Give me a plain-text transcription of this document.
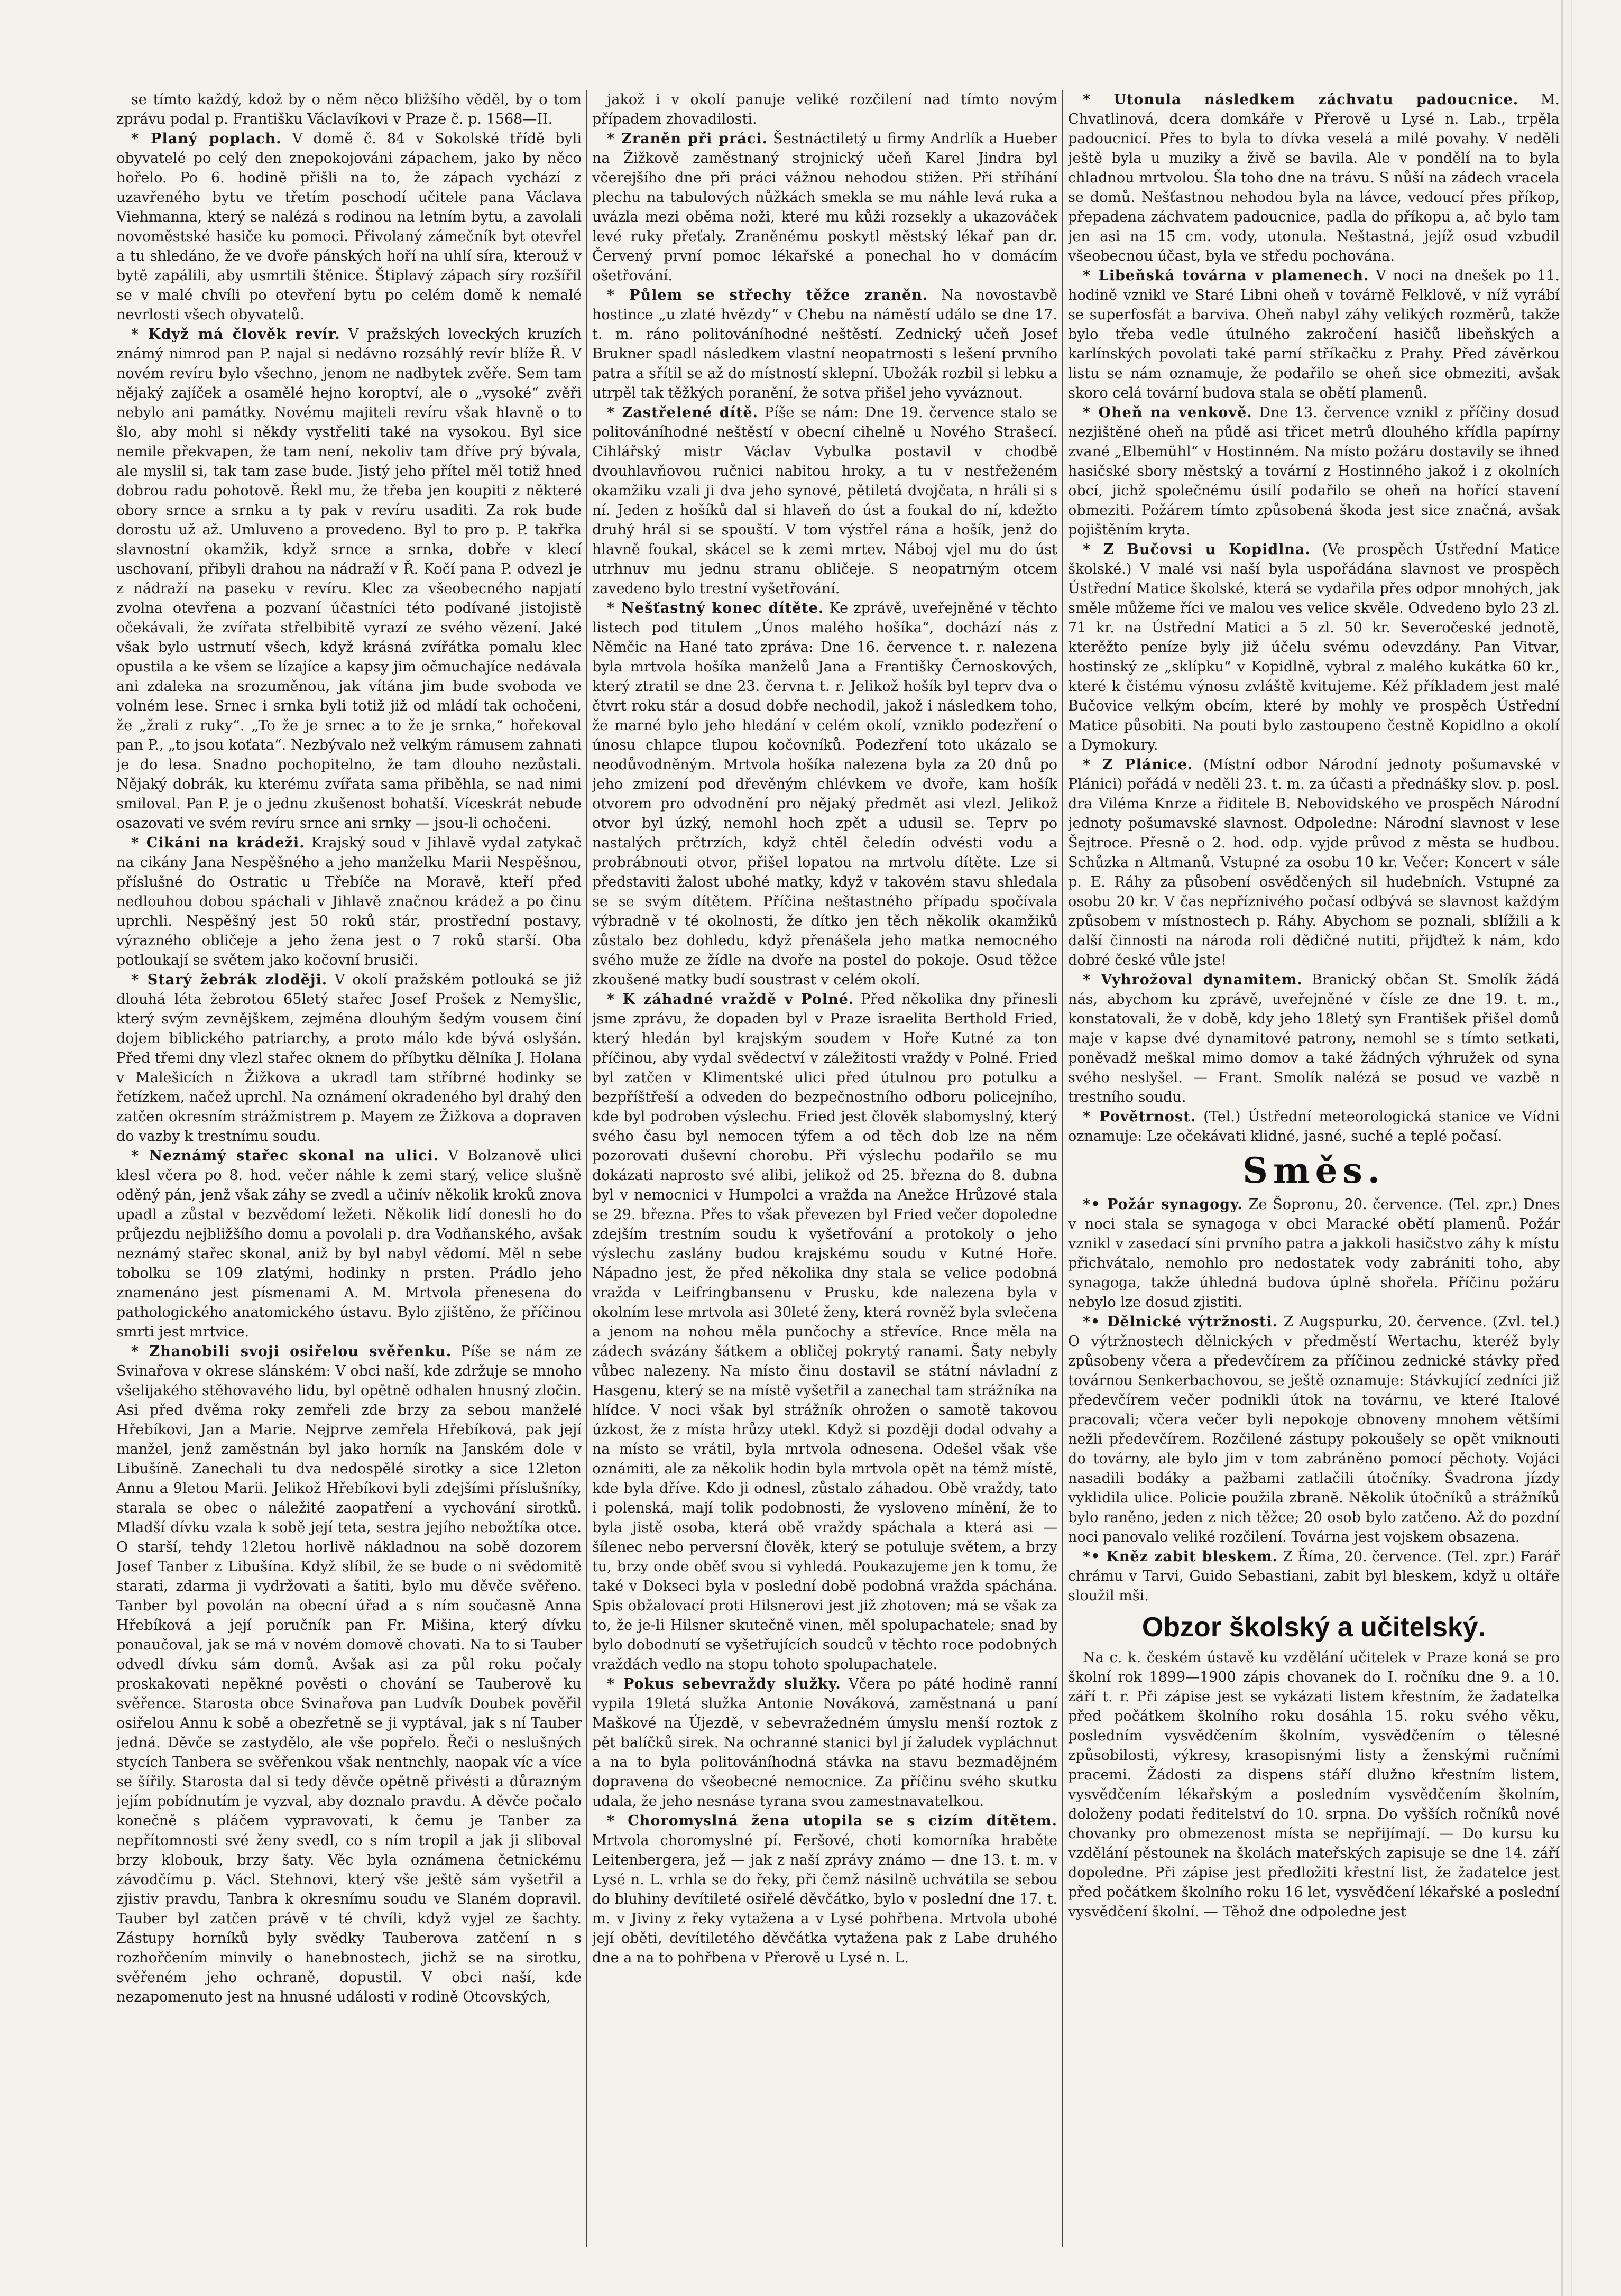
se tímto každý, kdož by o něm něco bližšího věděl, by o tom zprávu podal p. Františku Václavíkovi v Praze č. p. 1568—II.

* Planý poplach. V domě č. 84 v Sokolské třídě byli obyvatelé po celý den znepokojováni zápachem, jako by něco hořelo. Po 6. hodině přišli na to, že zápach vychází z uzavřeného bytu ve třetím poschodí učitele pana Václava Viehmanna, který se nalézá s rodinou na letním bytu, a zavolali novoměstské hasiče ku pomoci. Přivolaný zámečník byt otevřel a tu shledáno, že ve dvoře pánských hoří na uhlí síra, kterouž v bytě zapálili, aby usmrtili štěnice. Štiplavý zápach síry rozšířil se v malé chvíli po otevření bytu po celém domě k nemalé nevrlosti všech obyvatelů.

* Když má člověk revír. V pražských loveckých kruzích známý nimrod pan P. najal si nedávno rozsáhlý revír blíže Ř. V novém revíru bylo všechno, jenom ne nadbytek zvěře. Sem tam nějaký zajíček a osamělé hejno koroptví, ale o „vysoké“ zvěři nebylo ani památky. Novému majiteli revíru však hlavně o to šlo, aby mohl si někdy vystřeliti také na vysokou. Byl sice nemile překvapen, že tam není, nekoliv tam dříve prý bývala, ale myslil si, tak tam zase bude. Jistý jeho přítel měl totiž hned dobrou radu pohotově. Řekl mu, že třeba jen koupiti z některé obory srnce a srnku a ty pak v revíru usaditi. Za rok bude dorostu už až. Umluveno a provedeno. Byl to pro p. P. takřka slavnostní okamžik, když srnce a srnka, dobře v klecí uschovaní, přibyli drahou na nádraží v Ř. Kočí pana P. odvezl je z nádraží na paseku v revíru. Klec za všeobecného napjatí zvolna otevřena a pozvaní účastníci této podívané jistojistě očekávali, že zvířata střelbibitě vyrazí ze svého vězení. Jaké však bylo ustrnutí všech, když krásná zvířátka pomalu klec opustila a ke všem se lízajíce a kapsy jim očmuchajíce nedávala ani zdaleka na srozuměnou, jak vítána jim bude svoboda ve volném lese. Srnec i srnka byli totiž již od mládí tak ochočeni, že „žrali z ruky“. „To že je srnec a to že je srnka,“ hořekoval pan P., „to jsou koťata“. Nezbývalo než velkým rámusem zahnati je do lesa. Snadno pochopitelno, že tam dlouho nezůstali. Nějaký dobrák, ku kterému zvířata sama přiběhla, se nad nimi smiloval. Pan P. je o jednu zkušenost bohatší. Víceskrát nebude osazovati ve svém revíru srnce ani srnky — jsou-li ochočeni.

* Cikáni na krádeži. Krajský soud v Jihlavě vydal zatykač na cikány Jana Nespěšného a jeho manželku Marii Nespěšnou, příslušné do Ostratic u Třebíče na Moravě, kteří před nedlouhou dobou spáchali v Jihlavě značnou krádež a po činu uprchli. Nespěšný jest 50 roků stár, prostřední postavy, výrazného obličeje a jeho žena jest o 7 roků starší. Oba potloukají se světem jako kočovní brusiči.

* Starý žebrák zloději. V okolí pražském potlouká se již dlouhá léta žebrotou 65letý stařec Josef Prošek z Nemyšlic, který svým zevnějškem, zejména dlouhým šedým vousem činí dojem biblického patriarchy, a proto málo kde bývá oslyšán. Před třemi dny vlezl stařec oknem do příbytku dělníka J. Holana v Malešicích n Žižkova a ukradl tam stříbrné hodinky se řetízkem, načež uprchl. Na oznámení okradeného byl drahý den zatčen okresním strážmistrem p. Mayem ze Žižkova a dopraven do vazby k trestnímu soudu.

* Neznámý stařec skonal na ulici. V Bolzanově ulici klesl včera po 8. hod. večer náhle k zemi starý, velice slušně oděný pán, jenž však záhy se zvedl a učinív několik kroků znova upadl a zůstal v bezvědomí ležeti. Několik lidí donesli ho do průjezdu nejbližšího domu a povolali p. dra Vodňanského, avšak neznámý stařec skonal, aniž by byl nabyl vědomí. Měl n sebe tobolku se 109 zlatými, hodinky n prsten. Prádlo jeho znamenáno jest písmenami A. M. Mrtvola přenesena do pathologického anatomického ústavu. Bylo zjištěno, že příčinou smrti jest mrtvice.

* Zhanobili svoji osiřelou svěřenku. Píše se nám ze Svinařova v okrese slánském: V obci naší, kde zdržuje se mnoho všelijakého stěhovavého lidu, byl opětně odhalen hnusný zločin. Asi před dvěma roky zemřeli zde brzy za sebou manželé Hřebíkovi, Jan a Marie. Nejprve zemřela Hřebíková, pak její manžel, jenž zaměstnán byl jako horník na Janském dole v Libušíně. Zanechali tu dva nedospělé sirotky a sice 12leton Annu a 9letou Marii. Jelikož Hřebíkovi byli zdejšími příslušníky, starala se obec o náležité zaopatření a vychování sirotků. Mladší dívku vzala k sobě její teta, sestra jejího nebožtíka otce. O starší, tehdy 12letou horlivě nákladnou na sobě dozorem Josef Tanber z Libušína. Když slíbil, že se bude o ni svědomitě starati, zdarma ji vydržovati a šatiti, bylo mu děvče svěřeno. Tanber byl povolán na obecní úřad a s ním současně Anna Hřebíková a její poručník pan Fr. Mišina, který dívku ponaučoval, jak se má v novém domově chovati. Na to si Tauber odvedl dívku sám domů. Avšak asi za půl roku počaly proskakovati nepěkné pověsti o chování se Tauberově ku svěřence. Starosta obce Svinařova pan Ludvík Doubek pověřil osiřelou Annu k sobě a obezřetně se ji vyptával, jak s ní Tauber jedná. Děvče se zastydělo, ale vše popřelo. Řeči o neslušných stycích Tanbera se svěřenkou však nentnchly, naopak víc a více se šířily. Starosta dal si tedy děvče opětně přivésti a důrazným jejím pobídnutím je vyzval, aby doznalo pravdu. A děvče počalo konečně s pláčem vypravovati, k čemu je Tanber za nepřítomnosti své ženy svedl, co s ním tropil a jak ji sliboval brzy klobouk, brzy šaty. Věc byla oznámena četnickému závodčímu p. Václ. Stehnovi, který vše ještě sám vyšetřil a zjistiv pravdu, Tanbra k okresnímu soudu ve Slaném dopravil. Tauber byl zatčen právě v té chvíli, když vyjel ze šachty. Zástupy horníků byly svědky Tauberova zatčení n s rozhořčením minvily o hanebnostech, jichž se na sirotku, svěřeném jeho ochraně, dopustil. V obci naší, kde nezapomenuto jest na hnusné události v rodině Otcovských,

jakož i v okolí panuje veliké rozčilení nad tímto novým případem zhovadilosti.

* Zraněn při práci. Šestnáctiletý u firmy Andrlík a Hueber na Žižkově zaměstnaný strojnický učeň Karel Jindra byl včerejšího dne při práci vážnou nehodou stižen. Při stříhání plechu na tabulových nůžkách smekla se mu náhle levá ruka a uvázla mezi oběma noži, které mu kůži rozsekly a ukazováček levé ruky přeťaly. Zraněnému poskytl městský lékař pan dr. Červený první pomoc lékařské a ponechal ho v domácím ošetřování.

* Půlem se střechy těžce zraněn. Na novostavbě hostince „u zlaté hvězdy“ v Chebu na náměstí událo se dne 17. t. m. ráno politováníhodné neštěstí. Zednický učeň Josef Brukner spadl následkem vlastní neopatrnosti s lešení prvního patra a sřítil se až do místností sklepní. Ubožák rozbil si lebku a utrpěl tak těžkých poranění, že sotva přišel jeho vyváznout.

* Zastřelené dítě. Píše se nám: Dne 19. července stalo se politováníhodné neštěstí v obecní cihelně u Nového Strašecí. Cihlářský mistr Václav Vybulka postavil v chodbě dvouhlavňovou ručnici nabitou hroky, a tu v nestřeženém okamžiku vzali ji dva jeho synové, pětiletá dvojčata, n hráli si s ní. Jeden z hošíků dal si hlaveň do úst a foukal do ní, kdežto druhý hrál si se spouští. V tom výstřel rána a hošík, jenž do hlavně foukal, skácel se k zemi mrtev. Náboj vjel mu do úst utrhnuv mu jednu stranu obličeje. S neopatrným otcem zavedeno bylo trestní vyšetřování.

* Nešťastný konec dítěte. Ke zprávě, uveřejněné v těchto listech pod titulem „Únos malého hošíka“, dochází nás z Němčic na Hané tato zpráva: Dne 16. července t. r. nalezena byla mrtvola hošíka manželů Jana a Františky Černoskových, který ztratil se dne 23. června t. r. Jelikož hošík byl teprv dva o čtvrt roku stár a dosud dobře nechodil, jakož i následkem toho, že marné bylo jeho hledání v celém okolí, vzniklo podezření o únosu chlapce tlupou kočovníků. Podezření toto ukázalo se neodůvodněným. Mrtvola hošíka nalezena byla za 20 dnů po jeho zmizení pod dřevěným chlévkem ve dvoře, kam hošík otvorem pro odvodnění pro nějaký předmět asi vlezl. Jelikož otvor byl úzký, nemohl hoch zpět a udusil se. Teprv po nastalých prčtrzích, když chtěl čeledín odvésti vodu a probrábnouti otvor, přišel lopatou na mrtvolu dítěte. Lze si představiti žalost ubohé matky, když v takovém stavu shledala se se svým dítětem. Příčina neštastného případu spočívala výbradně v té okolnosti, že dítko jen těch několik okamžiků zůstalo bez dohledu, když přenášela jeho matka nemocného svého muže ze žídle na dvoře na postel do pokoje. Osud těžce zkoušené matky budí soustrast v celém okolí.

* K záhadné vraždě v Polné. Před několika dny přinesli jsme zprávu, že dopaden byl v Praze israelita Berthold Fried, který hledán byl krajským soudem v Hoře Kutné za ton příčinou, aby vydal svědectví v záležitosti vraždy v Polné. Fried byl zatčen v Klimentské ulici před útulnou pro potulku a bezpříštřeší a odveden do bezpečnostního odboru policejního, kde byl podroben výslechu. Fried jest člověk slabomyslný, který svého času byl nemocen týfem a od těch dob lze na něm pozorovati duševní chorobu. Při výslechu podařilo se mu dokázati naprosto své alibi, jelikož od 25. března do 8. dubna byl v nemocnici v Humpolci a vražda na Anežce Hrůzové stala se 29. března. Přes to však převezen byl Fried večer dopoledne zdejším trestním soudu k vyšetřování a protokoly o jeho výslechu zaslány budou krajskému soudu v Kutné Hoře. Nápadno jest, že před několika dny stala se velice podobná vražda v Leifringbansenu v Prusku, kde nalezena byla v okolním lese mrtvola asi 30leté ženy, která rovněž byla svlečena a jenom na nohou měla punčochy a střevíce. Rnce měla na zádech svázány šátkem a obličej pokrytý ranami. Šaty nebyly vůbec nalezeny. Na místo činu dostavil se státní návladní z Hasgenu, který se na místě vyšetřil a zanechal tam strážníka na hlídce. V noci však byl strážník ohrožen o samotě takovou úzkost, že z místa hrůzy utekl. Když si později dodal odvahy a na místo se vrátil, byla mrtvola odnesena. Odešel však vše oznámiti, ale za několik hodin byla mrtvola opět na témž místě, kde byla dříve. Kdo ji odnesl, zůstalo záhadou. Obě vraždy, tato i polenská, mají tolik podobnosti, že vysloveno mínění, že to byla jistě osoba, která obě vraždy spáchala a která asi — šílenec nebo perversní člověk, který se potuluje světem, a brzy tu, brzy onde oběť svou si vyhledá. Poukazujeme jen k tomu, že také v Dokseci byla v poslední době podobná vražda spáchána. Spis obžalovací proti Hilsnerovi jest již zhotoven; má se však za to, že je-li Hilsner skutečně vinen, měl spolupachatele; snad by bylo dobodnutí se vyšetřujících soudců v těchto roce podobných vraždách vedlo na stopu tohoto spolupachatele.

* Pokus sebevraždy služky. Včera po páté hodině ranní vypila 19letá služka Antonie Nováková, zaměstnaná u paní Maškové na Újezdě, v sebevražedném úmyslu menší roztok z pět balíčků sirek. Na ochranné stanici byl jí žaludek vypláchnut a na to byla politováníhodná stávka na stavu bezmadějném dopravena do všeobecné nemocnice. Za příčinu svého skutku udala, že jeho nesnáse tyrana svou zamestnavatelkou.

* Choromyslná žena utopila se s cizím dítětem. Mrtvola choromyslné pí. Feršové, choti komorníka hraběte Leitenbergera, jež — jak z naší zprávy známo — dne 13. t. m. v Lysé n. L. vrhla se do řeky, při čemž násilně uchvátila se sebou do bluhiny devítileté osiřelé děvčátko, bylo v poslední dne 17. t. m. v Jiviny z řeky vytažena a v Lysé pohřbena. Mrtvola ubohé její oběti, devítiletého děvčátka vytažena pak z Labe druhého dne a na to pohřbena v Přerově u Lysé n. L.

* Utonula následkem záchvatu padoucnice. M. Chvatlinová, dcera domkáře v Přerově u Lysé n. Lab., trpěla padoucnicí. Přes to byla to dívka veselá a milé povahy. V neděli ještě byla u muziky a živě se bavila. Ale v pondělí na to byla chladnou mrtvolou. Šla toho dne na trávu. S nůší na zádech vracela se domů. Nešťastnou nehodou byla na lávce, vedoucí přes příkop, přepadena záchvatem padoucnice, padla do příkopu a, ač bylo tam jen asi na 15 cm. vody, utonula. Neštastná, jejíž osud vzbudil všeobecnou účast, byla ve středu pochována.

* Libeňská továrna v plamenech. V noci na dnešek po 11. hodině vznikl ve Staré Libni oheň v továrně Felklově, v níž vyrábí se superfosfát a barviva. Oheň nabyl záhy velikých rozměrů, takže bylo třeba vedle útulného zakročení hasičů libeňských a karlínských povolati také parní stříkačku z Prahy. Před závěrkou listu se nám oznamuje, že podařilo se oheň sice obmeziti, avšak skoro celá tovární budova stala se obětí plamenů.

* Oheň na venkově. Dne 13. července vznikl z příčiny dosud nezjištěné oheň na půdě asi třicet metrů dlouhého křídla papírny zvané „Elbemühl“ v Hostinném. Na místo požáru dostavily se ihned hasičské sbory městský a tovární z Hostinného jakož i z okolních obcí, jichž společnému úsilí podařilo se oheň na hořící stavení obmeziti. Požárem tímto způsobená škoda jest sice značná, avšak pojištěním kryta.

* Z Bučovsi u Kopidlna. (Ve prospěch Ústřední Matice školské.) V malé vsi naší byla uspořádána slavnost ve prospěch Ústřední Matice školské, která se vydařila přes odpor mnohých, jak směle můžeme říci ve malou ves velice skvěle. Odvedeno bylo 23 zl. 71 kr. na Ústřední Matici a 5 zl. 50 kr. Severočeské jednotě, kterěžto peníze byly již účelu svému odevzdány. Pan Vitvar, hostinský ze „sklípku“ v Kopidlně, vybral z malého kukátka 60 kr., které k čistému výnosu zvláště kvitujeme. Kéž příkladem jest malé Bučovice velkým obcím, které by mohly ve prospěch Ústřední Matice působiti. Na pouti bylo zastoupeno čestně Kopidlno a okolí a Dymokury.

* Z Plánice. (Místní odbor Národní jednoty pošumavské v Plánici) pořádá v neděli 23. t. m. za účasti a přednášky slov. p. posl. dra Viléma Knrze a řiditele B. Nebovidského ve prospěch Národní jednoty pošumavské slavnost. Odpoledne: Národní slavnost v lese Šejtroce. Přesně o 2. hod. odp. vyjde průvod z města se hudbou. Schůzka n Altmanů. Vstupné za osobu 10 kr. Večer: Koncert v sále p. E. Ráhy za působení osvědčených sil hudebních. Vstupné za osobu 20 kr. V čas nepříznivého počasí odbývá se slavnost každým způsobem v místnostech p. Ráhy. Abychom se poznali, sblížili a k další činnosti na národa roli dědičné nutiti, přijďtež k nám, kdo dobré české vůle jste!

* Vyhrožoval dynamitem. Branický občan St. Smolík žádá nás, abychom ku zprávě, uveřejněné v čísle ze dne 19. t. m., konstatovali, že v době, kdy jeho 18letý syn František přišel domů maje v kapse dvé dynamitové patrony, nemohl se s tímto setkati, poněvadž meškal mimo domov a také žádných výhružek od syna svého neslyšel. — Frant. Smolík nalézá se posud ve vazbě n trestního soudu.

* Povětrnost. (Tel.) Ústřední meteorologická stanice ve Vídni oznamuje: Lze očekávati klidné, jasné, suché a teplé počasí.

Směs.

*• Požár synagogy. Ze Šopronu, 20. července. (Tel. zpr.) Dnes v noci stala se synagoga v obci Maracké obětí plamenů. Požár vznikl v zasedací síni prvního patra a jakkoli hasičstvo záhy k místu přichvátalo, nemohlo pro nedostatek vody zabrániti toho, aby synagoga, takže úhledná budova úplně shořela. Příčinu požáru nebylo lze dosud zjistiti.

*• Dělnické výtržnosti. Z Augspurku, 20. července. (Zvl. tel.) O výtržnostech dělnických v předměstí Wertachu, kteréž byly způsobeny včera a předevčírem za příčinou zednické stávky před továrnou Senkerbachovou, se ještě oznamuje: Stávkující zedníci již předevčírem večer podnikli útok na továrnu, ve které Italové pracovali; včera večer byli nepokoje obnoveny mnohem většími nežli předevčírem. Rozčilené zástupy pokoušely se opět vniknouti do továrny, ale bylo jim v tom zabráněno pomocí pěchoty. Vojáci nasadili bodáky a pažbami zatlačili útočníky. Švadrona jízdy vyklidila ulice. Policie použila zbraně. Několik útočníků a strážníků bylo raněno, jeden z nich těžce; 20 osob bylo zatčeno. Až do pozdní noci panovalo veliké rozčilení. Továrna jest vojskem obsazena.

*• Kněz zabit bleskem. Z Říma, 20. července. (Tel. zpr.) Farář chrámu v Tarvi, Guido Sebastiani, zabit byl bleskem, když u oltáře sloužil mši.

Obzor školský a učitelský.

Na c. k. českém ústavě ku vzdělání učitelek v Praze koná se pro školní rok 1899—1900 zápis chovanek do I. ročníku dne 9. a 10. září t. r. Při zápise jest se vykázati listem křestním, že žadatelka před počátkem školního roku dosáhla 15. roku svého věku, posledním vysvědčením školním, vysvědčením o tělesné způsobilosti, výkresy, krasopisnými listy a ženskými ručními pracemi. Žádosti za dispens stáří dlužno křestním listem, vysvědčením lékařským a posledním vysvědčením školním, doloženy podati ředitelství do 10. srpna. Do vyšších ročníků nové chovanky pro obmezenost místa se nepřijímají. — Do kursu ku vzdělání pěstounek na školách mateřských zapisuje se dne 14. září dopoledne. Při zápise jest předložiti křestní list, že žadatelce jest před počátkem školního roku 16 let, vysvědčení lékařské a poslední vysvědčení školní. — Těhož dne odpoledne jest
